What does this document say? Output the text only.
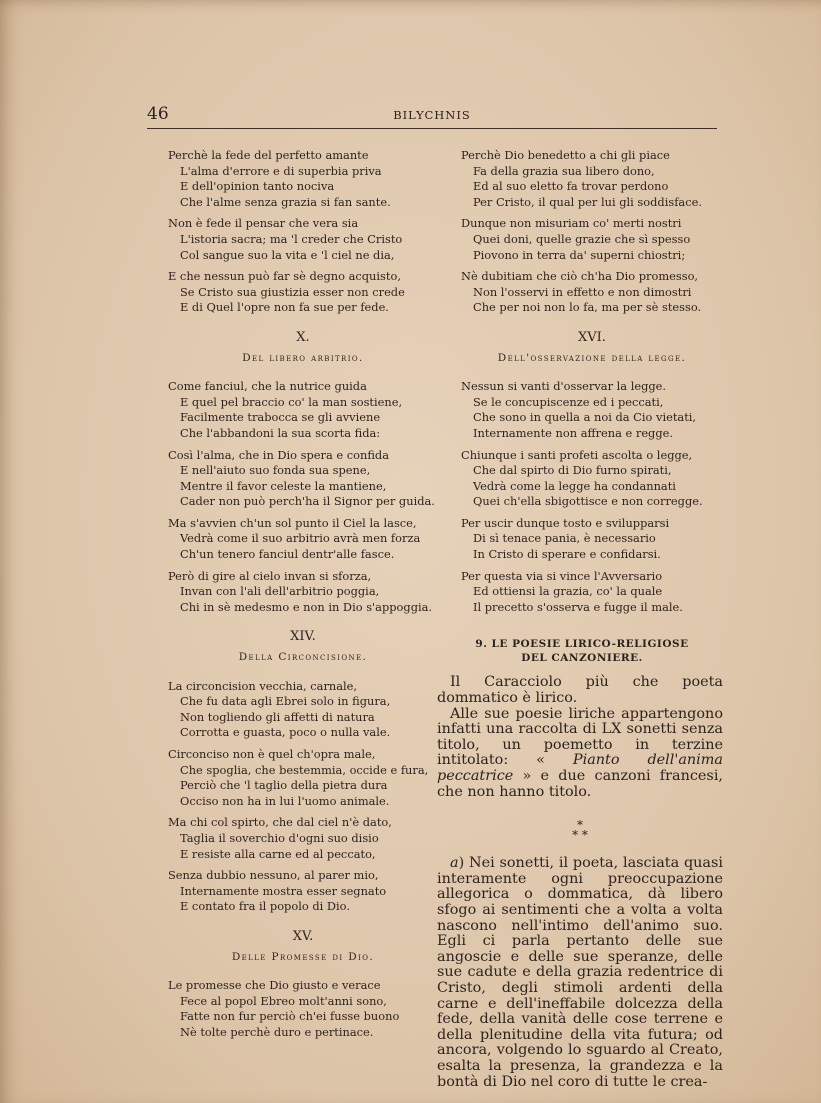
46	BILYCHNIS
Perchè la fede del perfetto amante
L'alma d'errore e di superbia priva
E dell'opinion tanto nociva
Che l'alme senza grazia si fan sante.
Non è fede il pensar che vera sia
L'istoria sacra; ma 'l creder che Cristo
Col sangue suo la vita e 'l ciel ne dia,
E che nessun può far sè degno acquisto,
Se Cristo sua giustizia esser non crede
E di Quel l'opre non fa sue per fede.
X.
Del libero arbitrio.
Come fanciul, che la nutrice guida
E quel pel braccio co' la man sostiene,
Facilmente trabocca se gli avviene
Che l'abbandoni la sua scorta fida:
Così l'alma, che in Dio spera e confida
E nell'aiuto suo fonda sua spene,
Mentre il favor celeste la mantiene,
Cader non può perch'ha il Signor per guida.
Ma s'avvien ch'un sol punto il Ciel la lasce,
Vedrà come il suo arbitrio avrà men forza
Ch'un tenero fanciul dentr'alle fasce.
Però di gire al cielo invan si sforza,
Invan con l'ali dell'arbitrio poggia,
Chi in sè medesmo e non in Dio s'appoggia.
XIV.
Della Circoncisione.
La circoncision vecchia, carnale,
Che fu data agli Ebrei solo in figura,
Non togliendo gli affetti di natura
Corrotta e guasta, poco o nulla vale.
Circonciso non è quel ch'opra male,
Che spoglia, che bestemmia, occide e fura,
Perciò che 'l taglio della pietra dura
Occiso non ha in lui l'uomo animale.
Ma chi col spirto, che dal ciel n'è dato,
Taglia il soverchio d'ogni suo disio
E resiste alla carne ed al peccato,
Senza dubbio nessuno, al parer mio,
Internamente mostra esser segnato
E contato fra il popolo di Dio.
XV.
Delle Promesse di Dio.
Le promesse che Dio giusto e verace
Fece al popol Ebreo molt'anni sono,
Fatte non fur perciò ch'ei fusse buono
Nè tolte perchè duro e pertinace.
Perchè Dio benedetto a chi gli piace
Fa della grazia sua libero dono,
Ed al suo eletto fa trovar perdono
Per Cristo, il qual per lui gli soddisface.
Dunque non misuriam co' merti nostri
Quei doni, quelle grazie che sì spesso
Piovono in terra da' superni chiostri;
Nè dubitiam che ciò ch'ha Dio promesso,
Non l'osservi in effetto e non dimostri
Che per noi non lo fa, ma per sè stesso.
XVI.
Dell'osservazione della legge.
Nessun si vanti d'osservar la legge.
Se le concupiscenze ed i peccati,
Che sono in quella a noi da Cio vietati,
Internamente non affrena e regge.
Chiunque i santi profeti ascolta o legge,
Che dal spirto di Dio furno spirati,
Vedrà come la legge ha condannati
Quei ch'ella sbigottisce e non corregge.
Per uscir dunque tosto e svilupparsi
Di sì tenace pania, è necessario
In Cristo di sperare e confidarsi.
Per questa via si vince l'Avversario
Ed ottiensi la grazia, co' la quale
Il precetto s'osserva e fugge il male.
9. LE POESIE LIRICO-RELIGIOSE
DEL CANZONIERE.

Il Caracciolo più che poeta dommatico è lirico.

Alle sue poesie liriche appartengono infatti una raccolta di LX sonetti senza titolo, un poemetto in terzine intitolato: « Pianto dell'anima peccatrice » e due canzoni francesi, che non hanno titolo.

*
* *

a) Nei sonetti, il poeta, lasciata quasi interamente ogni preoccupazione allegorica o dommatica, dà libero sfogo ai sentimenti che a volta a volta nascono nell'intimo dell'animo suo. Egli ci parla pertanto delle sue angoscie e delle sue speranze, delle sue cadute e della grazia redentrice di Cristo, degli stimoli ardenti della carne e dell'ineffabile dolcezza della fede, della vanità delle cose terrene e della plenitudine della vita futura; od ancora, volgendo lo sguardo al Creato, esalta la presenza, la grandezza e la bontà di Dio nel coro di tutte le crea-
